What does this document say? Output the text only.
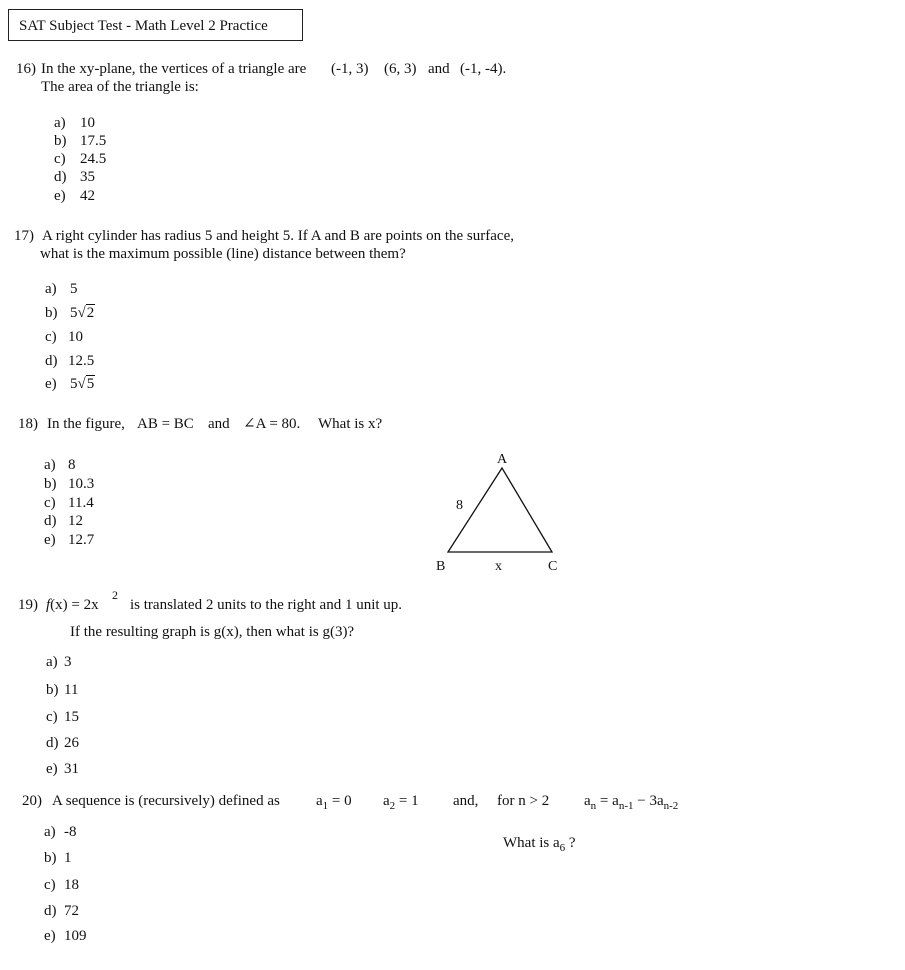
SAT Subject Test - Math Level 2 Practice
16) In the xy-plane, the vertices of a triangle are (-1, 3) (6, 3) and (-1, -4).
The area of the triangle is:
a) 10
b) 17.5
c) 24.5
d) 35
e) 42
17) A right cylinder has radius 5 and height 5. If A and B are points on the surface,
what is the maximum possible (line) distance between them?
a) 5
b) 5√2
c) 10
d) 12.5
e) 5√5
18) In the figure, AB = BC and ∠A = 80. What is x?
a) 8
b) 10.3
c) 11.4
d) 12
e) 12.7
A
B	C
8
x
19) f(x) = 2x
2
is translated 2 units to the right and 1 unit up.
If the resulting graph is g(x), then what is g(3)?
a) 3
b) 11
c) 15
d) 26
e) 31
20) A sequence is (recursively) defined as $a_1 = 0$ $a_2 = 1$ and, for n > 2 $a_n = a_{n-1} - 3a_{n-2}$
What is $a_6$ ?
a) -8
b) 1
c) 18
d) 72
e) 109
